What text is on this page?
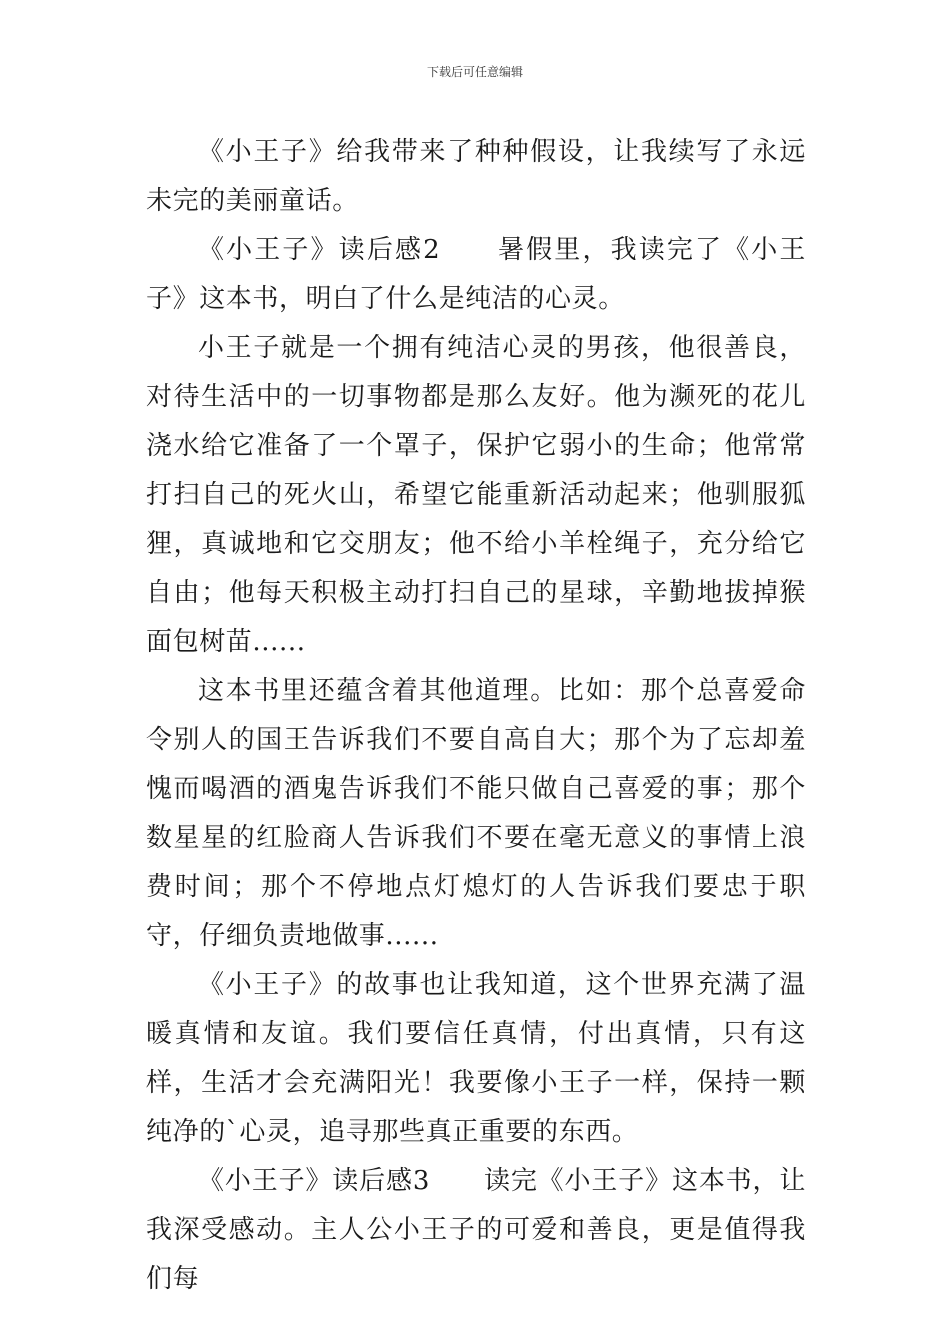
下载后可任意编辑

《小王子》给我带来了种种假设，让我续写了永远未完的美丽童话。

《小王子》读后感2　　暑假里，我读完了《小王子》这本书，明白了什么是纯洁的心灵。

小王子就是一个拥有纯洁心灵的男孩，他很善良，对待生活中的一切事物都是那么友好。他为濒死的花儿浇水给它准备了一个罩子，保护它弱小的生命；他常常打扫自己的死火山，希望它能重新活动起来；他驯服狐狸，真诚地和它交朋友；他不给小羊栓绳子，充分给它自由；他每天积极主动打扫自己的星球，辛勤地拔掉猴面包树苗......

这本书里还蕴含着其他道理。比如：那个总喜爱命令别人的国王告诉我们不要自高自大；那个为了忘却羞愧而喝酒的酒鬼告诉我们不能只做自己喜爱的事；那个数星星的红脸商人告诉我们不要在毫无意义的事情上浪费时间；那个不停地点灯熄灯的人告诉我们要忠于职守，仔细负责地做事......

《小王子》的故事也让我知道，这个世界充满了温暖真情和友谊。我们要信任真情，付出真情，只有这样，生活才会充满阳光！我要像小王子一样，保持一颗纯净的`心灵，追寻那些真正重要的东西。

《小王子》读后感3　　读完《小王子》这本书，让我深受感动。主人公小王子的可爱和善良，更是值得我们每
